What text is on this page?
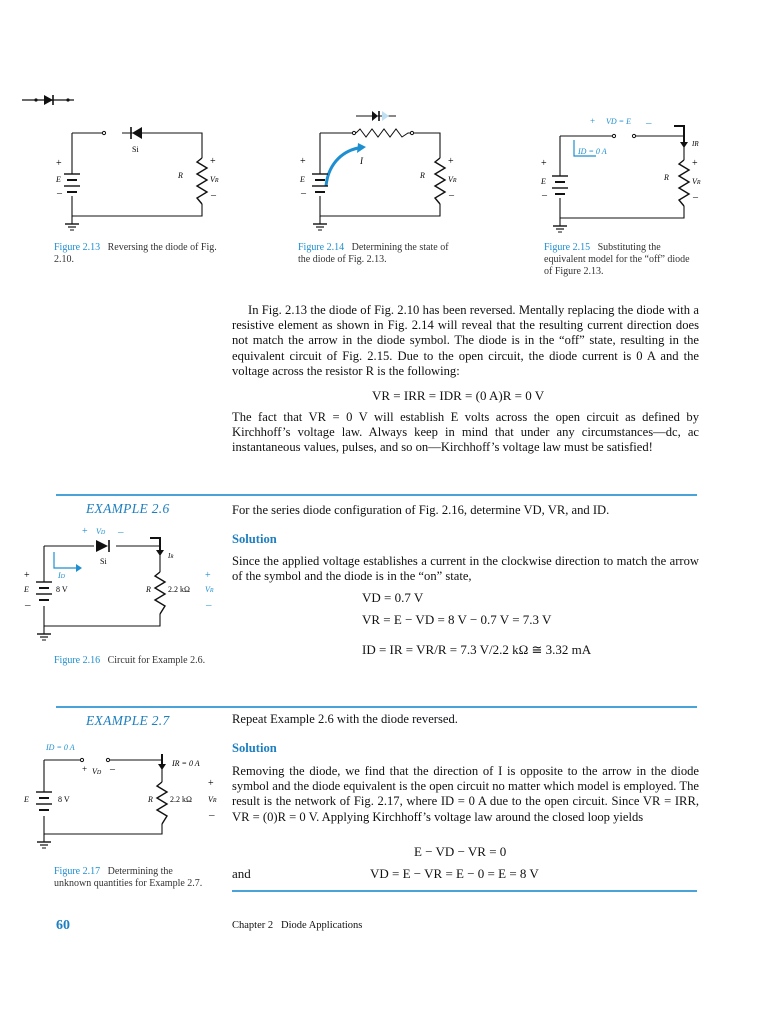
Si
+
E
–
R
+
VR
–
Figure 2.13 Reversing the diode of Fig. 2.10.
I
+
E
–
R
+
VR
–
Figure 2.14 Determining the state of the diode of Fig. 2.13.
+ VD = E –
ID = 0 A
IR
+
E
–
R
+
VR
–
Figure 2.15 Substituting the equivalent model for the “off” diode of Figure 2.13.
In Fig. 2.13 the diode of Fig. 2.10 has been reversed. Mentally replacing the diode with a resistive element as shown in Fig. 2.14 will reveal that the resulting current direction does not match the arrow in the diode symbol. The diode is in the “off” state, resulting in the equivalent circuit of Fig. 2.15. Due to the open circuit, the diode current is 0 A and the voltage across the resistor R is the following:
VR = IRR = IDR = (0 A)R = 0 V
The fact that VR = 0 V will establish E volts across the open circuit as defined by Kirchhoff’s voltage law. Always keep in mind that under any circumstances—dc, ac instantaneous values, pulses, and so on—Kirchhoff’s voltage law must be satisfied!
EXAMPLE 2.6	For the series diode configuration of Fig. 2.16, determine VD, VR, and ID.
Solution
Since the applied voltage establishes a current in the clockwise direction to match the arrow of the symbol and the diode is in the “on” state,
VD = 0.7 V
VR = E − VD = 8 V − 0.7 V = 7.3 V
ID = IR = VR/R = 7.3 V/2.2 kΩ ≅ 3.32 mA
+ VD –
Si
ID
IR
+
E	8 V
–
R 2.2 kΩ
+
VR
–
Figure 2.16 Circuit for Example 2.6.
EXAMPLE 2.7	Repeat Example 2.6 with the diode reversed.
Solution
Removing the diode, we find that the direction of I is opposite to the arrow in the diode symbol and the diode equivalent is the open circuit no matter which model is employed. The result is the network of Fig. 2.17, where ID = 0 A due to the open circuit. Since VR = IRR, VR = (0)R = 0 V. Applying Kirchhoff’s voltage law around the closed loop yields
E − VD − VR = 0
and	VD = E − VR = E − 0 = E = 8 V
ID = 0 A
+ VD –
IR = 0 A
E	8 V	R 2.2 kΩ VR
+
–
Figure 2.17 Determining the unknown quantities for Example 2.7.
60	Chapter 2 Diode Applications
